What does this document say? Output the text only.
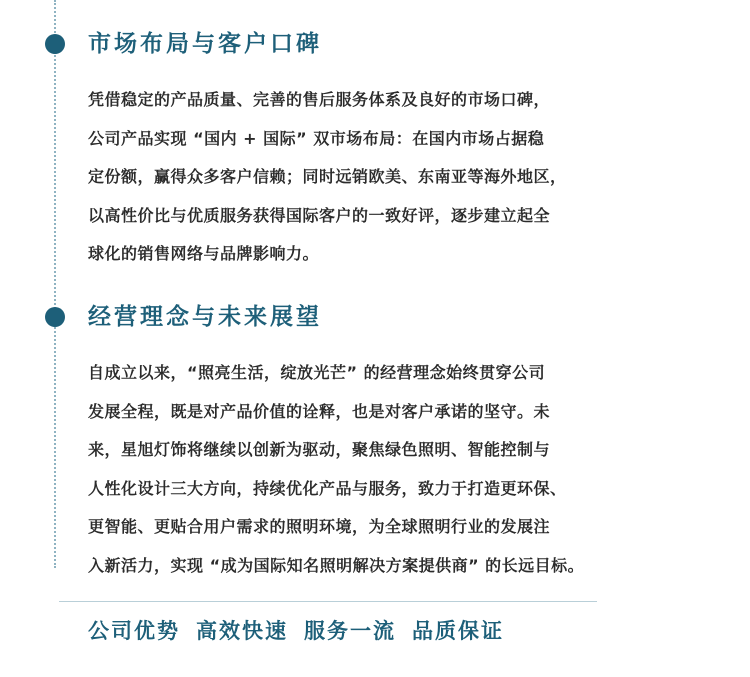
市场布局与客户口碑
凭借稳定的产品质量、完善的售后服务体系及良好的市场口碑，
公司产品实现 “国内 + 国际” 双市场布局：在国内市场占据稳
定份额，赢得众多客户信赖；同时远销欧美、东南亚等海外地区，
以高性价比与优质服务获得国际客户的一致好评，逐步建立起全
球化的销售网络与品牌影响力。
经营理念与未来展望
自成立以来，“照亮生活，绽放光芒” 的经营理念始终贯穿公司
发展全程，既是对产品价值的诠释，也是对客户承诺的坚守。未
来，星旭灯饰将继续以创新为驱动，聚焦绿色照明、智能控制与
人性化设计三大方向，持续优化产品与服务，致力于打造更环保、
更智能、更贴合用户需求的照明环境，为全球照明行业的发展注
入新活力，实现 “成为国际知名照明解决方案提供商” 的长远目标。
公司优势 高效快速 服务一流 品质保证
